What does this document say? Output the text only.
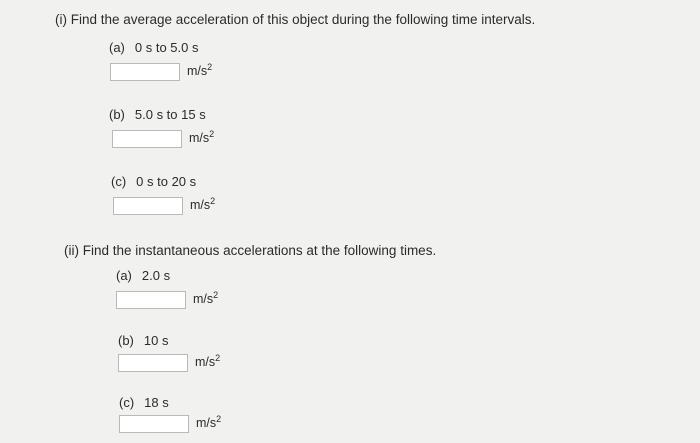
(i) Find the average acceleration of this object during the following time intervals.
(a) 0 s to 5.0 s
$m/s^2$
(b) 5.0 s to 15 s
$m/s^2$
(c) 0 s to 20 s
$m/s^2$
(ii) Find the instantaneous accelerations at the following times.
(a) 2.0 s
$m/s^2$
(b) 10 s
$m/s^2$
(c) 18 s
$m/s^2$
